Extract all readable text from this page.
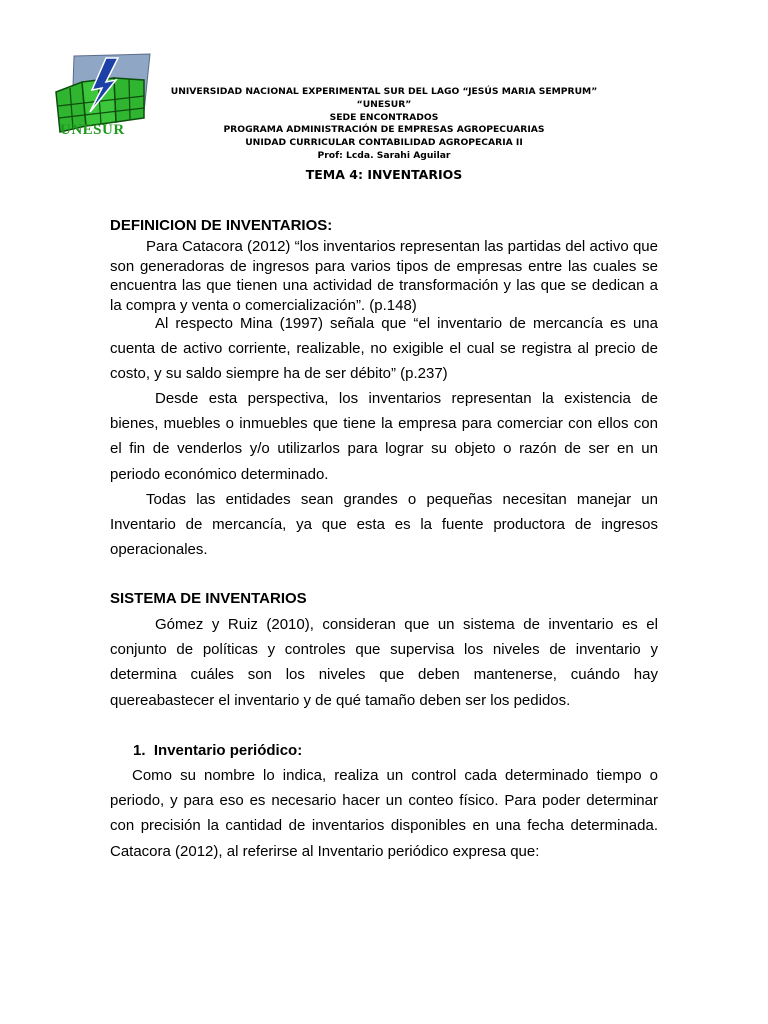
UNESUR
UNIVERSIDAD NACIONAL EXPERIMENTAL SUR DEL LAGO “JESÚS MARIA SEMPRUM” “UNESUR”
SEDE ENCONTRADOS
PROGRAMA ADMINISTRACIÓN DE EMPRESAS AGROPECUARIAS
UNIDAD CURRICULAR CONTABILIDAD AGROPECARIA II
Prof: Lcda. Sarahi Aguilar
TEMA 4: INVENTARIOS

DEFINICION DE INVENTARIOS:

Para Catacora (2012) “los inventarios representan las partidas del activo que son generadoras de ingresos para varios tipos de empresas entre las cuales se encuentra las que tienen una actividad de transformación y las que se dedican a la compra y venta o comercialización”. (p.148)

Al respecto Mina (1997) señala que “el inventario de mercancía es una cuenta de activo corriente, realizable, no exigible el cual se registra al precio de costo, y su saldo siempre ha de ser débito” (p.237)

Desde esta perspectiva, los inventarios representan la existencia de bienes, muebles o inmuebles que tiene la empresa para comerciar con ellos con el fin de venderlos y/o utilizarlos para lograr su objeto o razón de ser en un periodo económico determinado.

Todas las entidades sean grandes o pequeñas necesitan manejar un Inventario de mercancía, ya que esta es la fuente productora de ingresos operacionales.

SISTEMA DE INVENTARIOS

Gómez y Ruiz (2010), consideran que un sistema de inventario es el conjunto de políticas y controles que supervisa los niveles de inventario y determina cuáles son los niveles que deben mantenerse, cuándo hay quereabastecer el inventario y de qué tamaño deben ser los pedidos.

1. Inventario periódico:

Como su nombre lo indica, realiza un control cada determinado tiempo o periodo, y para eso es necesario hacer un conteo físico. Para poder determinar con precisión la cantidad de inventarios disponibles en una fecha determinada. Catacora (2012), al referirse al Inventario periódico expresa que:
